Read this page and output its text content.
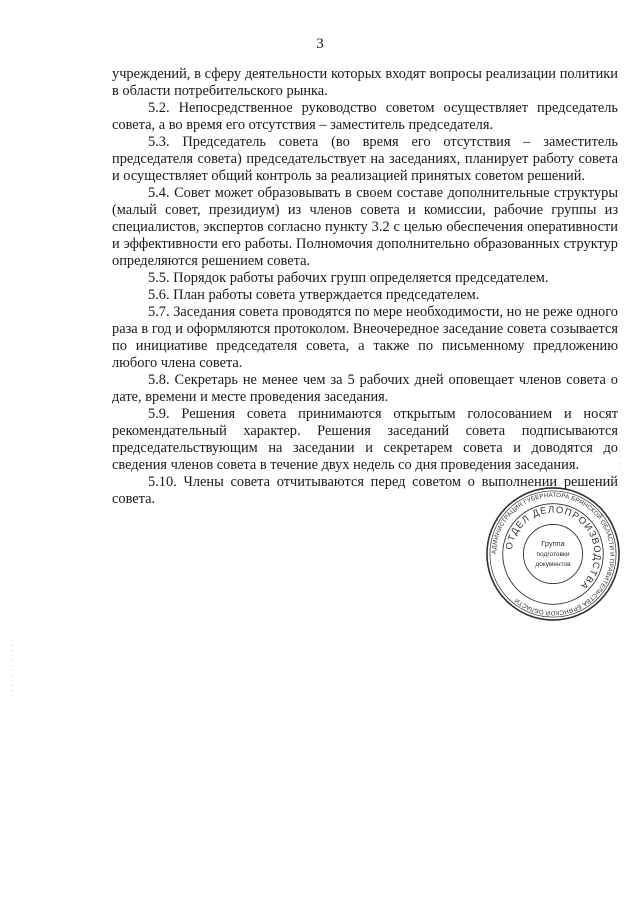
3

учреждений, в сферу деятельности которых входят вопросы реализации политики в области потребительского рынка.

5.2. Непосредственное руководство советом осуществляет председатель совета, а во время его отсутствия – заместитель председателя.

5.3. Председатель совета (во время его отсутствия – заместитель председателя совета) председательствует на заседаниях, планирует работу совета и осуществляет общий контроль за реализацией принятых советом решений.

5.4. Совет может образовывать в своем составе дополнительные структуры (малый совет, президиум) из членов совета и комиссии, рабочие группы из специалистов, экспертов согласно пункту 3.2 с целью обеспечения оперативности и эффективности его работы. Полномочия дополнительно образованных структур определяются решением совета.

5.5. Порядок работы рабочих групп определяется председателем.

5.6. План работы совета утверждается председателем.

5.7. Заседания совета проводятся по мере необходимости, но не реже одного раза в год и оформляются протоколом. Внеочередное заседание совета созывается по инициативе председателя совета, а также по письменному предложению любого члена совета.

5.8. Секретарь не менее чем за 5 рабочих дней оповещает членов совета о дате, времени и месте проведения заседания.

5.9. Решения совета принимаются открытым голосованием и носят рекомендательный характер. Решения заседаний совета подписываются председательствующим на заседании и секретарем совета и доводятся до сведения членов совета в течение двух недель со дня проведения заседания.

5.10. Члены совета отчитываются перед советом о выполнении решений совета.

АДМИНИСТРАЦИЯ ГУБЕРНАТОРА БРЯНСКОЙ ОБЛАСТИ И ПРАВИТЕЛЬСТВА БРЯНСКОЙ ОБЛАСТИ
ОТДЕЛ ДЕЛОПРОИЗВОДСТВА
Группа
подготовки
документов
